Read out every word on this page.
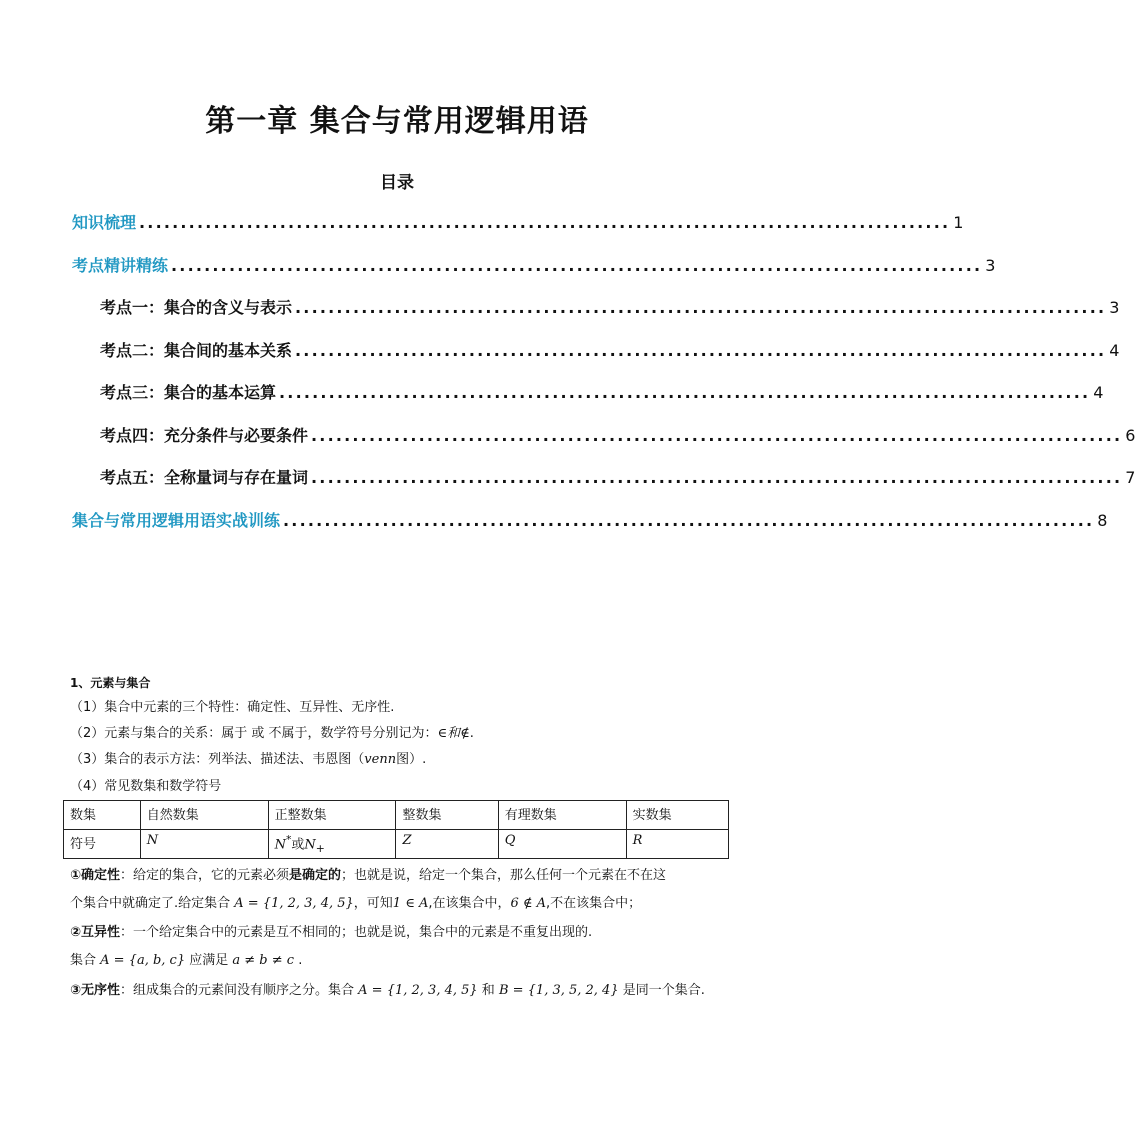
第一章 集合与常用逻辑用语
目录
知识梳理 .................................................................................................. 1
考点精讲精练 .................................................................................................. 3
考点一：集合的含义与表示 .................................................................................................. 3
考点二：集合间的基本关系 .................................................................................................. 4
考点三：集合的基本运算 .................................................................................................. 4
考点四：充分条件与必要条件 .................................................................................................. 6
考点五：全称量词与存在量词 .................................................................................................. 7
集合与常用逻辑用语实战训练 .................................................................................................. 8
1、元素与集合
（1）集合中元素的三个特性：确定性、互异性、无序性.
（2）元素与集合的关系：属于 或 不属于，数学符号分别记为：∈和∉.
（3）集合的表示方法：列举法、描述法、韦恩图（venn图）.
（4）常见数集和数学符号
数集	自然数集	正整数集	整数集	有理数集	实数集
符号	N	N*或$N_+$	Z	Q	R
①确定性：给定的集合，它的元素必须是确定的；也就是说，给定一个集合，那么任何一个元素在不在这
个集合中就确定了.给定集合 A = {1, 2, 3, 4, 5}，可知1 ∈ A,在该集合中，6 ∉ A,不在该集合中；
②互异性：一个给定集合中的元素是互不相同的；也就是说，集合中的元素是不重复出现的.
集合 A = {a, b, c} 应满足 a ≠ b ≠ c .
③无序性：组成集合的元素间没有顺序之分。集合 A = {1, 2, 3, 4, 5} 和 B = {1, 3, 5, 2, 4} 是同一个集合.
